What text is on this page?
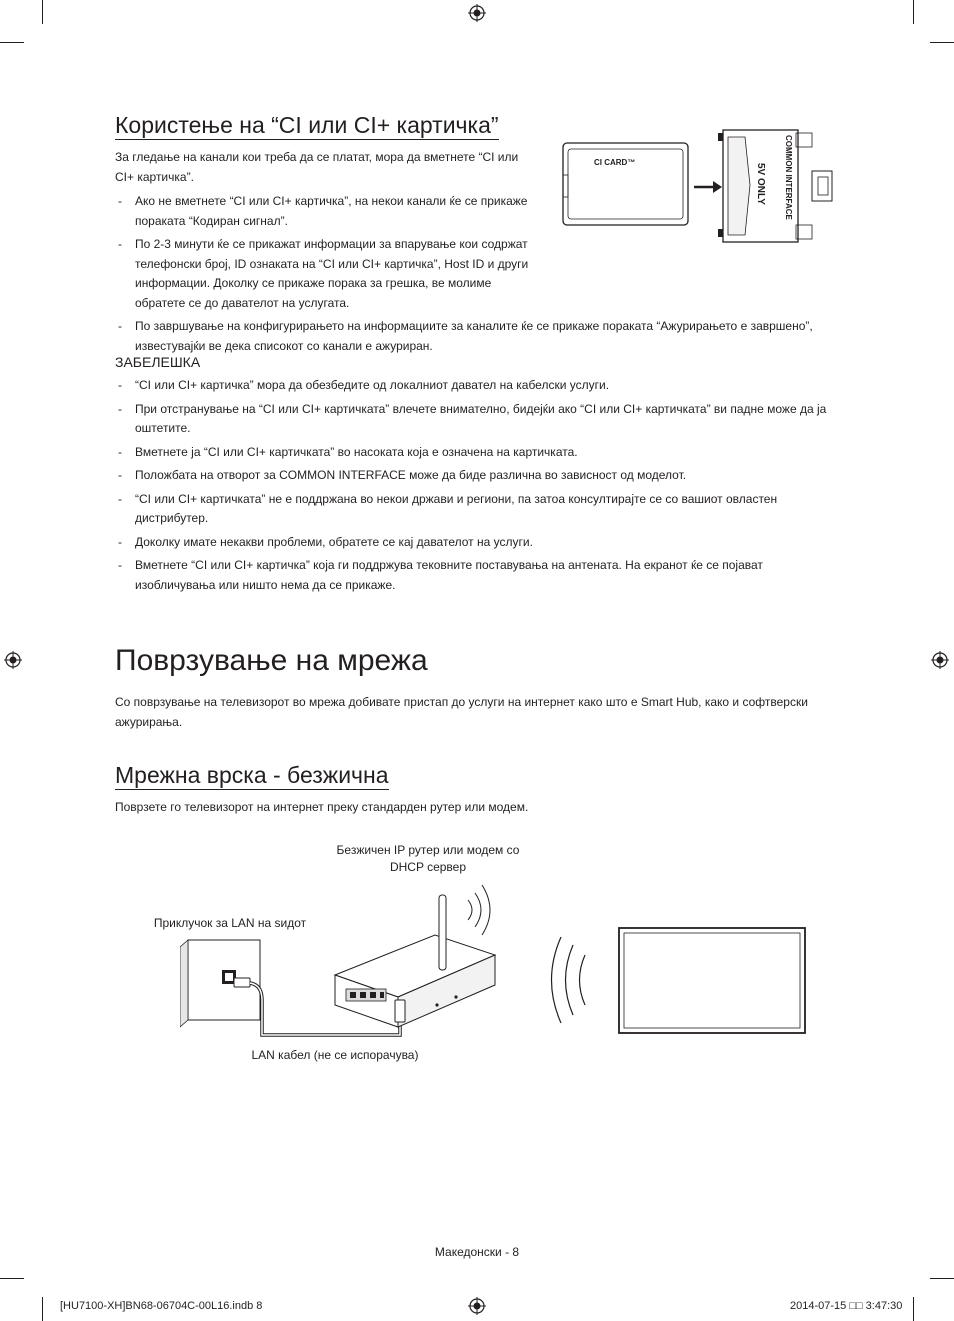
Користење на “CI или CI+ картичка”

За гледање на канали кои треба да се платат, мора да вметнете “CI или CI+ картичка”.

- Ако не вметнете “CI или CI+ картичка”, на некои канали ќе се прикаже пораката “Кодиран сигнал”.
- По 2-3 минути ќе се прикажат информации за впарување кои содржат телефонски број, ID ознаката на “CI или CI+ картичка”, Host ID и други информации. Доколку се прикаже порака за грешка, ве молиме обратете се до давателот на услугата.
- По завршување на конфигурирањето на информациите за каналите ќе се прикаже пораката “Ажурирањето е завршено”, известувајќи ве дека списокот со канали е ажуриран.
CI CARD™	COMMON INTERFACE
5V ONLY

ЗАБЕЛЕШКА

- “CI или CI+ картичка” мора да обезбедите од локалниот давател на кабелски услуги.
- При отстранување на “CI или CI+ картичката” влечете внимателно, бидејќи ако “CI или CI+ картичката” ви падне може да ја оштетите.
- Вметнете ја “CI или CI+ картичката” во насоката која е означена на картичката.
- Положбата на отворот за COMMON INTERFACE може да биде различна во зависност од моделот.
- “CI или CI+ картичката” не е поддржана во некои држави и региони, па затоа консултирајте се со вашиот овластен дистрибутер.
- Доколку имате некакви проблеми, обратете се кај давателот на услуги.
- Вметнете “CI или CI+ картичка” која ги поддржува тековните поставувања на антената. На екранот ќе се појават изобличувања или ништо нема да се прикаже.
Поврзување на мрежа

Со поврзување на телевизорот во мрежа добивате пристап до услуги на интернет како што е Smart Hub, како и софтверски ажурирања.

Мрежна врска - безжична

Поврзете го телевизорот на интернет преку стандарден рутер или модем.

Безжичен IP рутер или модем со
DHCP сервер
Приклучок за LAN на ѕидот
LAN кабел (не се испорачува)
Македонски - 8
[HU7100-XH]BN68-06704C-00L16.indb 8	2014-07-15 □□ 3:47:30
